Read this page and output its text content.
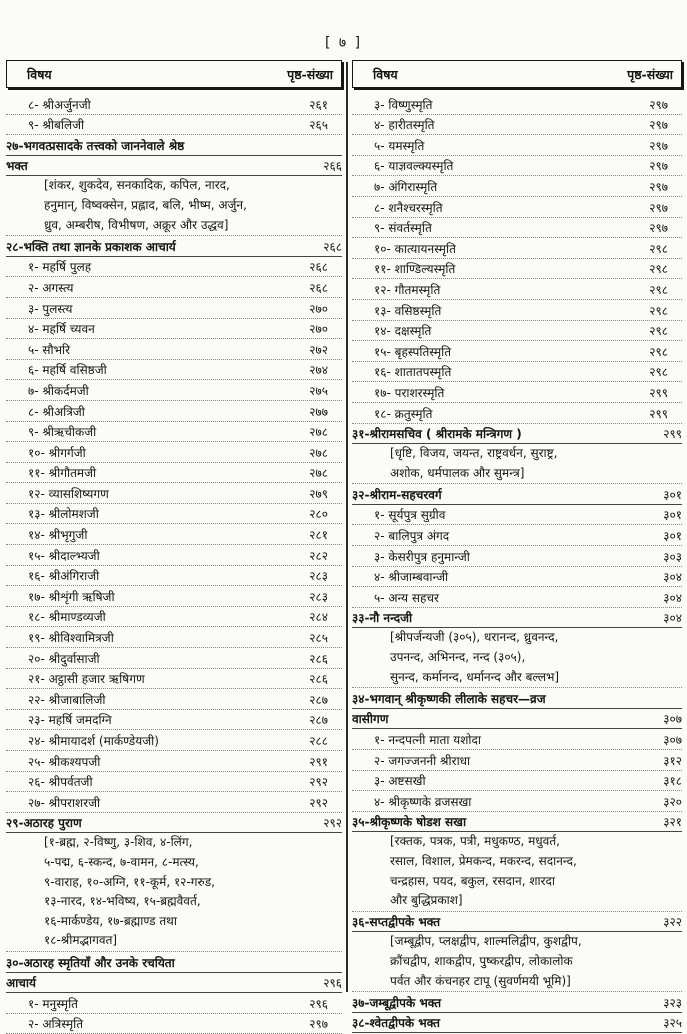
[ ७ ]
विषय	पृष्ठ-संख्या
८- श्रीअर्जुनजी	२६१
९- श्रीबलिजी	२६५
२७-भगवत्प्रसादके तत्त्वको जाननेवाले श्रेष्ठ
भक्त	२६६
[शंकर, शुकदेव, सनकादिक, कपिल, नारद,
हनुमान्, विष्वक्सेन, प्रह्लाद, बलि, भीष्म, अर्जुन,
ध्रुव, अम्बरीष, विभीषण, अक्रूर और उद्धव]
२८-भक्ति तथा ज्ञानके प्रकाशक आचार्य	२६८
१- महर्षि पुलह	२६८
२- अगस्त्य	२६८
३- पुलस्त्य	२७०
४- महर्षि च्यवन	२७०
५- सौभरि	२७२
६- महर्षि वसिष्ठजी	२७४
७- श्रीकर्दमजी	२७५
८- श्रीअत्रिजी	२७७
९- श्रीऋचीकजी	२७८
१०- श्रीगर्गजी	२७८
११- श्रीगौतमजी	२७८
१२- व्यासशिष्यगण	२७९
१३- श्रीलोमशजी	२८०
१४- श्रीभृगुजी	२८१
१५- श्रीदाल्भ्यजी	२८२
१६- श्रीअंगिराजी	२८३
१७- श्रीशृंगी ऋषिजी	२८३
१८- श्रीमाण्डव्यजी	२८४
१९- श्रीविश्वामित्रजी	२८५
२०- श्रीदुर्वासाजी	२८६
२१- अट्ठासी हजार ऋषिगण	२८६
२२- श्रीजाबालिजी	२८७
२३- महर्षि जमदग्नि	२८७
२४- श्रीमायादर्श (मार्कण्डेयजी)	२८८
२५- श्रीकश्यपजी	२९१
२६- श्रीपर्वतजी	२९२
२७- श्रीपराशरजी	२९२
२९-अठारह पुराण	२९२
[१-ब्रह्म, २-विष्णु, ३-शिव, ४-लिंग,
५-पद्म, ६-स्कन्द, ७-वामन, ८-मत्स्य,
९-वाराह, १०-अग्नि, ११-कूर्म, १२-गरुड,
१३-नारद, १४-भविष्य, १५-ब्रह्मवैवर्त,
१६-मार्कण्डेय, १७-ब्रह्माण्ड तथा
१८-श्रीमद्भागवत]
३०-अठारह स्मृतियाँ और उनके रचयिता
आचार्य	२९६
१- मनुस्मृति	२९६
२- अत्रिस्मृति	२९७
विषय	पृष्ठ-संख्या
३- विष्णुस्मृति	२९७
४- हारीतस्मृति	२९७
५- यमस्मृति	२९७
६- याज्ञवल्क्यस्मृति	२९७
७- अंगिरास्मृति	२९७
८- शनैश्चरस्मृति	२९७
९- संवर्तस्मृति	२९७
१०- कात्यायनस्मृति	२९८
११- शाण्डिल्यस्मृति	२९८
१२- गौतमस्मृति	२९८
१३- वसिष्ठस्मृति	२९८
१४- दक्षस्मृति	२९८
१५- बृहस्पतिस्मृति	२९८
१६- शातातपस्मृति	२९८
१७- पराशरस्मृति	२९९
१८- क्रतुस्मृति	२९९
३१-श्रीरामसचिव ( श्रीरामके मन्त्रिगण )	२९९
[धृष्टि, विजय, जयन्त, राष्ट्रवर्धन, सुराष्ट्र,
अशोक, धर्मपालक और सुमन्त्र]
३२-श्रीराम-सहचरवर्ग	३०१
१- सूर्यपुत्र सुग्रीव	३०१
२- बालिपुत्र अंगद	३०१
३- केसरीपुत्र हनुमान्जी	३०३
४- श्रीजाम्बवान्जी	३०४
५- अन्य सहचर	३०४
३३-नौ नन्दजी	३०४
[श्रीपर्जन्यजी (३०५), धरानन्द, ध्रुवनन्द,
उपनन्द, अभिनन्द, नन्द (३०५),
सुनन्द, कर्मानन्द, धर्मानन्द और बल्लभ]
३४-भगवान् श्रीकृष्णकी लीलाके सहचर—व्रज
वासीगण	३०७
१- नन्दपत्नी माता यशोदा	३०७
२- जगज्जननी श्रीराधा	३१२
३- अष्टसखी	३१८
४- श्रीकृष्णके व्रजसखा	३२०
३५-श्रीकृष्णके षोडश सखा	३२१
[रक्तक, पत्रक, पत्री, मधुकण्ठ, मधुवर्त,
रसाल, विशाल, प्रेमकन्द, मकरन्द, सदानन्द,
चन्द्रहास, पयद, बकुल, रसदान, शारदा
और बुद्धिप्रकाश]
३६-सप्तद्वीपके भक्त	३२२
[जम्बूद्वीप, प्लक्षद्वीप, शाल्मलिद्वीप, कुशद्वीप,
क्रौंचद्वीप, शाकद्वीप, पुष्करद्वीप, लोकालोक
पर्वत और कंचनहर टापू (सुवर्णमयी भूमि)]
३७-जम्बूद्वीपके भक्त	३२३
३८-श्वेतद्वीपके भक्त	३२५
